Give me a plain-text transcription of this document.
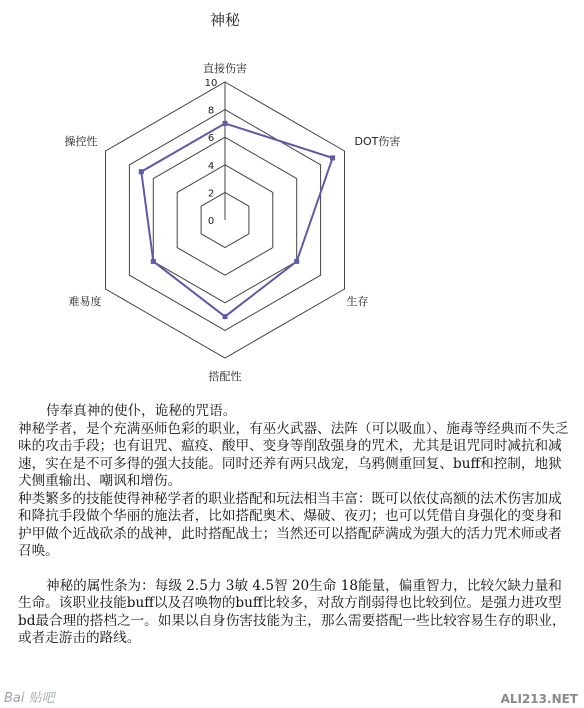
神秘
0
2
4
6
8
10
直接伤害
DOT伤害
生存
搭配性
难易度
操控性

侍奉真神的使仆，诡秘的咒语。

神秘学者，是个充满巫师色彩的职业，有巫火武器、法阵（可以吸血）、施毒等经典而不失乏味的攻击手段；也有诅咒、瘟疫、酸甲、变身等削敌强身的咒术，尤其是诅咒同时减抗和减速，实在是不可多得的强大技能。同时还养有两只战宠，乌鸦侧重回复、buff和控制，地狱犬侧重输出、嘲讽和增伤。

种类繁多的技能使得神秘学者的职业搭配和玩法相当丰富：既可以依仗高额的法术伤害加成和降抗手段做个华丽的施法者，比如搭配奥术、爆破、夜刃；也可以凭借自身强化的变身和护甲做个近战砍杀的战神，此时搭配战士；当然还可以搭配萨满成为强大的活力咒术师或者召唤。

神秘的属性条为：每级 2.5力 3敏 4.5智 20生命 18能量，偏重智力，比较欠缺力量和生命。该职业技能buff以及召唤物的buff比较多，对敌方削弱得也比较到位。是强力进攻型bd最合理的搭档之一。如果以自身伤害技能为主，那么需要搭配一些比较容易生存的职业，或者走游击的路线。

Bai 贴吧	ALI213.NET
